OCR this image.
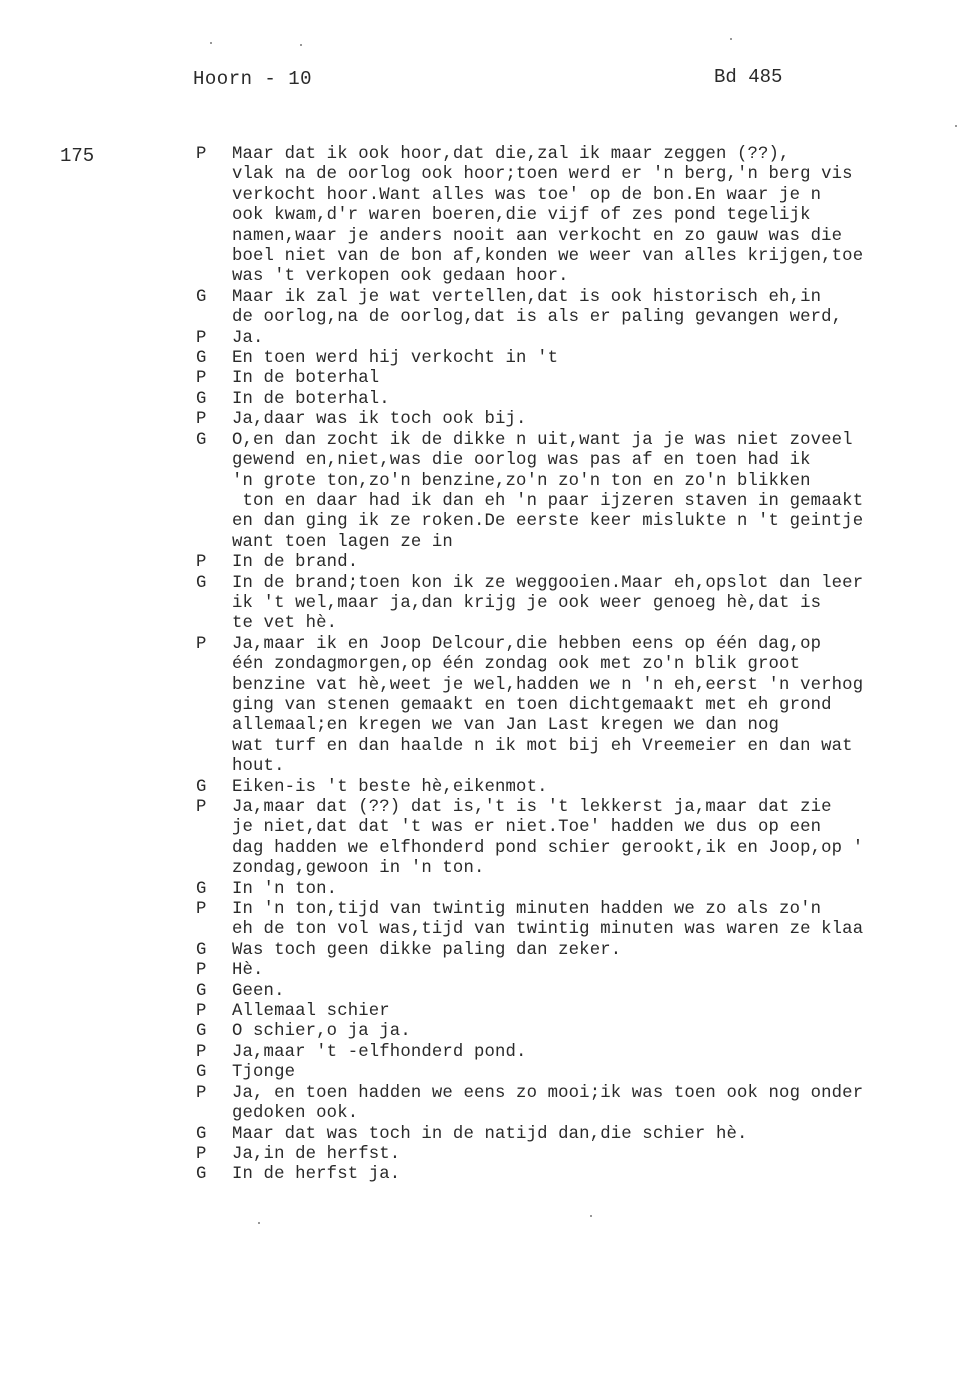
Hoorn - 10	Bd 485
175	P	Maar dat ik ook hoor,dat die,zal ik maar zeggen (??),
vlak na de oorlog ook hoor;toen werd er 'n berg,'n berg vis
verkocht hoor.Want alles was toe' op de bon.En waar je n
ook kwam,d'r waren boeren,die vijf of zes pond tegelijk
namen,waar je anders nooit aan verkocht en zo gauw was die
boel niet van de bon af,konden we weer van alles krijgen,toe
was 't verkopen ook gedaan hoor.
G	Maar ik zal je wat vertellen,dat is ook historisch eh,in
de oorlog,na de oorlog,dat is als er paling gevangen werd,
P	Ja.
G	En toen werd hij verkocht in 't
P	In de boterhal
G	In de boterhal.
P	Ja,daar was ik toch ook bij.
G	O,en dan zocht ik de dikke n uit,want ja je was niet zoveel
gewend en,niet,was die oorlog was pas af en toen had ik
'n grote ton,zo'n benzine,zo'n zo'n ton en zo'n blikken
ton en daar had ik dan eh 'n paar ijzeren staven in gemaakt
en dan ging ik ze roken.De eerste keer mislukte n 't geintje
want toen lagen ze in
P	In de brand.
G	In de brand;toen kon ik ze weggooien.Maar eh,opslot dan leer
ik 't wel,maar ja,dan krijg je ook weer genoeg hè,dat is
te vet hè.
P	Ja,maar ik en Joop Delcour,die hebben eens op één dag,op
één zondagmorgen,op één zondag ook met zo'n blik groot
benzine vat hè,weet je wel,hadden we n 'n eh,eerst 'n verhog
ging van stenen gemaakt en toen dichtgemaakt met eh grond
allemaal;en kregen we van Jan Last kregen we dan nog
wat turf en dan haalde n ik mot bij eh Vreemeier en dan wat
hout.
G	Eiken-is 't beste hè,eikenmot.
P	Ja,maar dat (??) dat is,'t is 't lekkerst ja,maar dat zie
je niet,dat dat 't was er niet.Toe' hadden we dus op een
dag hadden we elfhonderd pond schier gerookt,ik en Joop,op '
zondag,gewoon in 'n ton.
G	In 'n ton.
P	In 'n ton,tijd van twintig minuten hadden we zo als zo'n
eh de ton vol was,tijd van twintig minuten was waren ze klaa
G	Was toch geen dikke paling dan zeker.
P	Hè.
G	Geen.
P	Allemaal schier
G	O schier,o ja ja.
P	Ja,maar 't -elfhonderd pond.
G	Tjonge
P	Ja, en toen hadden we eens zo mooi;ik was toen ook nog onder
gedoken ook.
G	Maar dat was toch in de natijd dan,die schier hè.
P	Ja,in de herfst.
G	In de herfst ja.
